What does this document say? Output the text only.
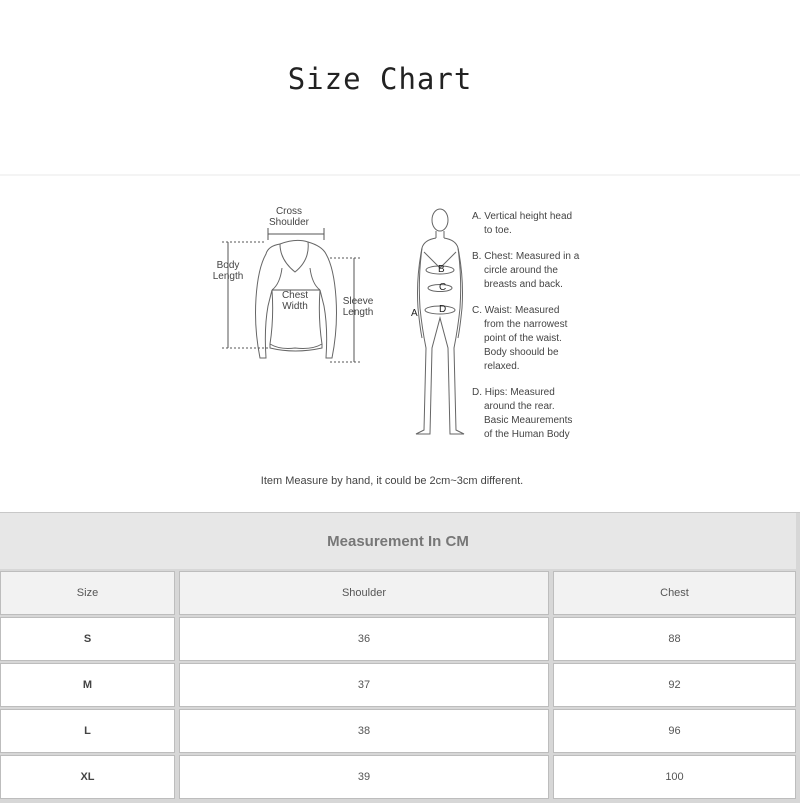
Size Chart
Cross
Shoulder
Body
Length
Chest
Width	Sleeve
Length	A
B
C
D
A. Vertical height head
to toe.
B. Chest: Measured in a
circle around the
breasts and back.
C. Waist: Measured
from the narrowest
point of the waist.
Body shoould be
relaxed.
D. Hips: Measured
around the rear.
Basic Meaurements
of the Human Body
Item Measure by hand, it could be 2cm~3cm different.
Measurement In CM
Size	Shoulder	Chest
S	36	88
M	37	92
L	38	96
XL	39	100
